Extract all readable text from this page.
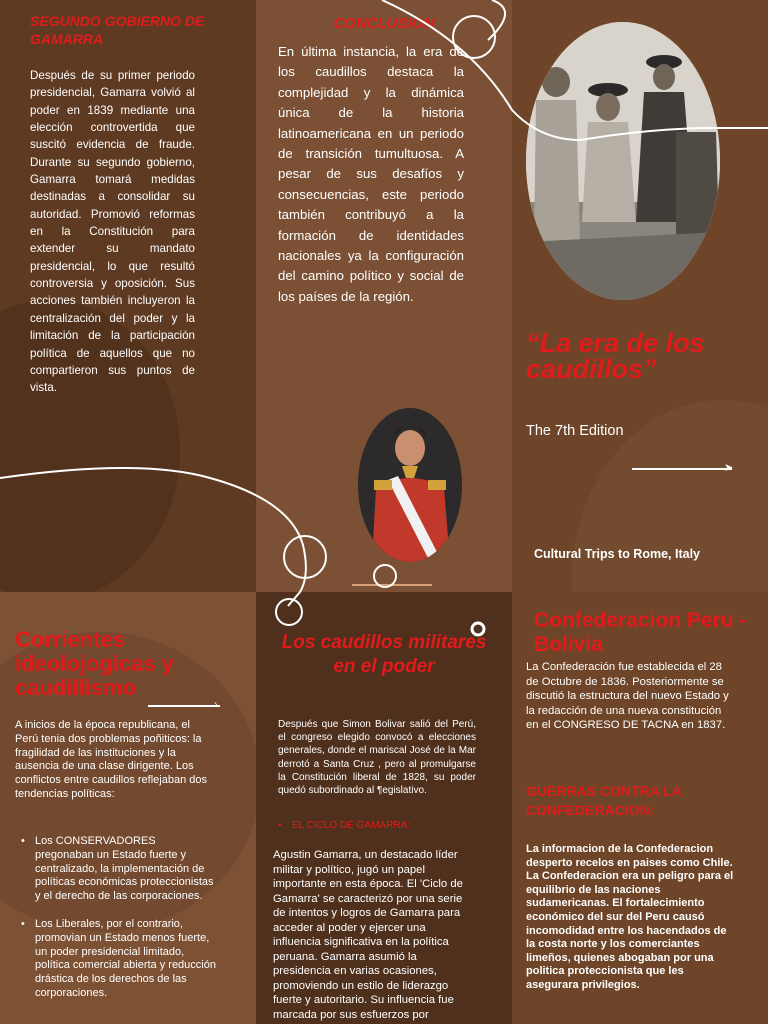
SEGUNDO GOBIERNO DE GAMARRA
Después de su primer periodo presidencial, Gamarra volvió al poder en 1839 mediante una elección controvertida que suscitó evidencia de fraude. Durante su segundo gobierno, Gamarra tomará medidas destinadas a consolidar su autoridad. Promovió reformas en la Constitución para extender su mandato presidencial, lo que resultó controversia y oposición. Sus acciones también incluyeron la centralización del poder y la limitación de la participación política de aquellos que no compartieron sus puntos de vista.
CONCLUSION
En última instancia, la era de los caudillos destaca la complejidad y la dinámica única de la historia latinoamericana en un periodo de transición tumultuosa. A pesar de sus desafíos y consecuencias, este periodo también contribuyó a la formación de identidades nacionales ya la configuración del camino político y social de los países de la región.
“La era de los caudillos”
The 7th Edition
➤
Cultural Trips to Rome, Italy
Corrientes ideolojogicas y caudillismo
›
A inicios de la época republicana, el Perú tenia dos problemas poñiticos: la fragilidad de las instituciones y la ausencia de una clase dirigente. Los conflictos entre caudillos reflejaban dos tendencias políticas:
• Los CONSERVADORES pregonaban un Estado fuerte y centralizado, la implementación de políticas económicas proteccionistas y el derecho de las corporaciones.
• Los Liberales, por el contrario, promovian un Estado menos fuerte, un poder presidencial limitado, política comercial abierta y reducción drástica de los derechos de las corporaciones.
Los caudillos militares en el poder
Después que Simon Bolivar salió del Perú, el congreso elegido convocó a elecciones generales, donde el mariscal José de la Mar derrotó a Santa Cruz , pero al promulgarse la Constitución liberal de 1828, su poder quedó subordinado al ¶egislativo.
• EL CICLO DE GAMARRA:
Agustin Gamarra, un destacado líder militar y político, jugó un papel importante en esta época. El 'Ciclo de Gamarra' se caracterizó por una serie de intentos y logros de Gamarra para acceder al poder y ejercer una influencia significativa en la política peruana. Gamarra asumió la presidencia en varias ocasiones, promoviendo un estilo de liderazgo fuerte y autoritario. Su influencia fue marcada por sus esfuerzos por
Confederacion Peru - Bolivia
La Confederación fue establecida el 28 de Octubre de 1836. Posteriormente se discutió la estructura del nuevo Estado y la redacción de una nueva constitución en el CONGRESO DE TACNA en 1837.
GUERRAS CONTRA LA CONFEDERACION:
La informacion de la Confederacion desperto recelos en paises como Chile. La Confederacion era un peligro para el equilibrio de las naciones sudamericanas. El fortalecimiento económico del sur del Peru causó incomodidad entre los hacendados de la costa norte y los comerciantes limeños, quienes abogaban por una politica proteccionista que les asegurara privilegios.
